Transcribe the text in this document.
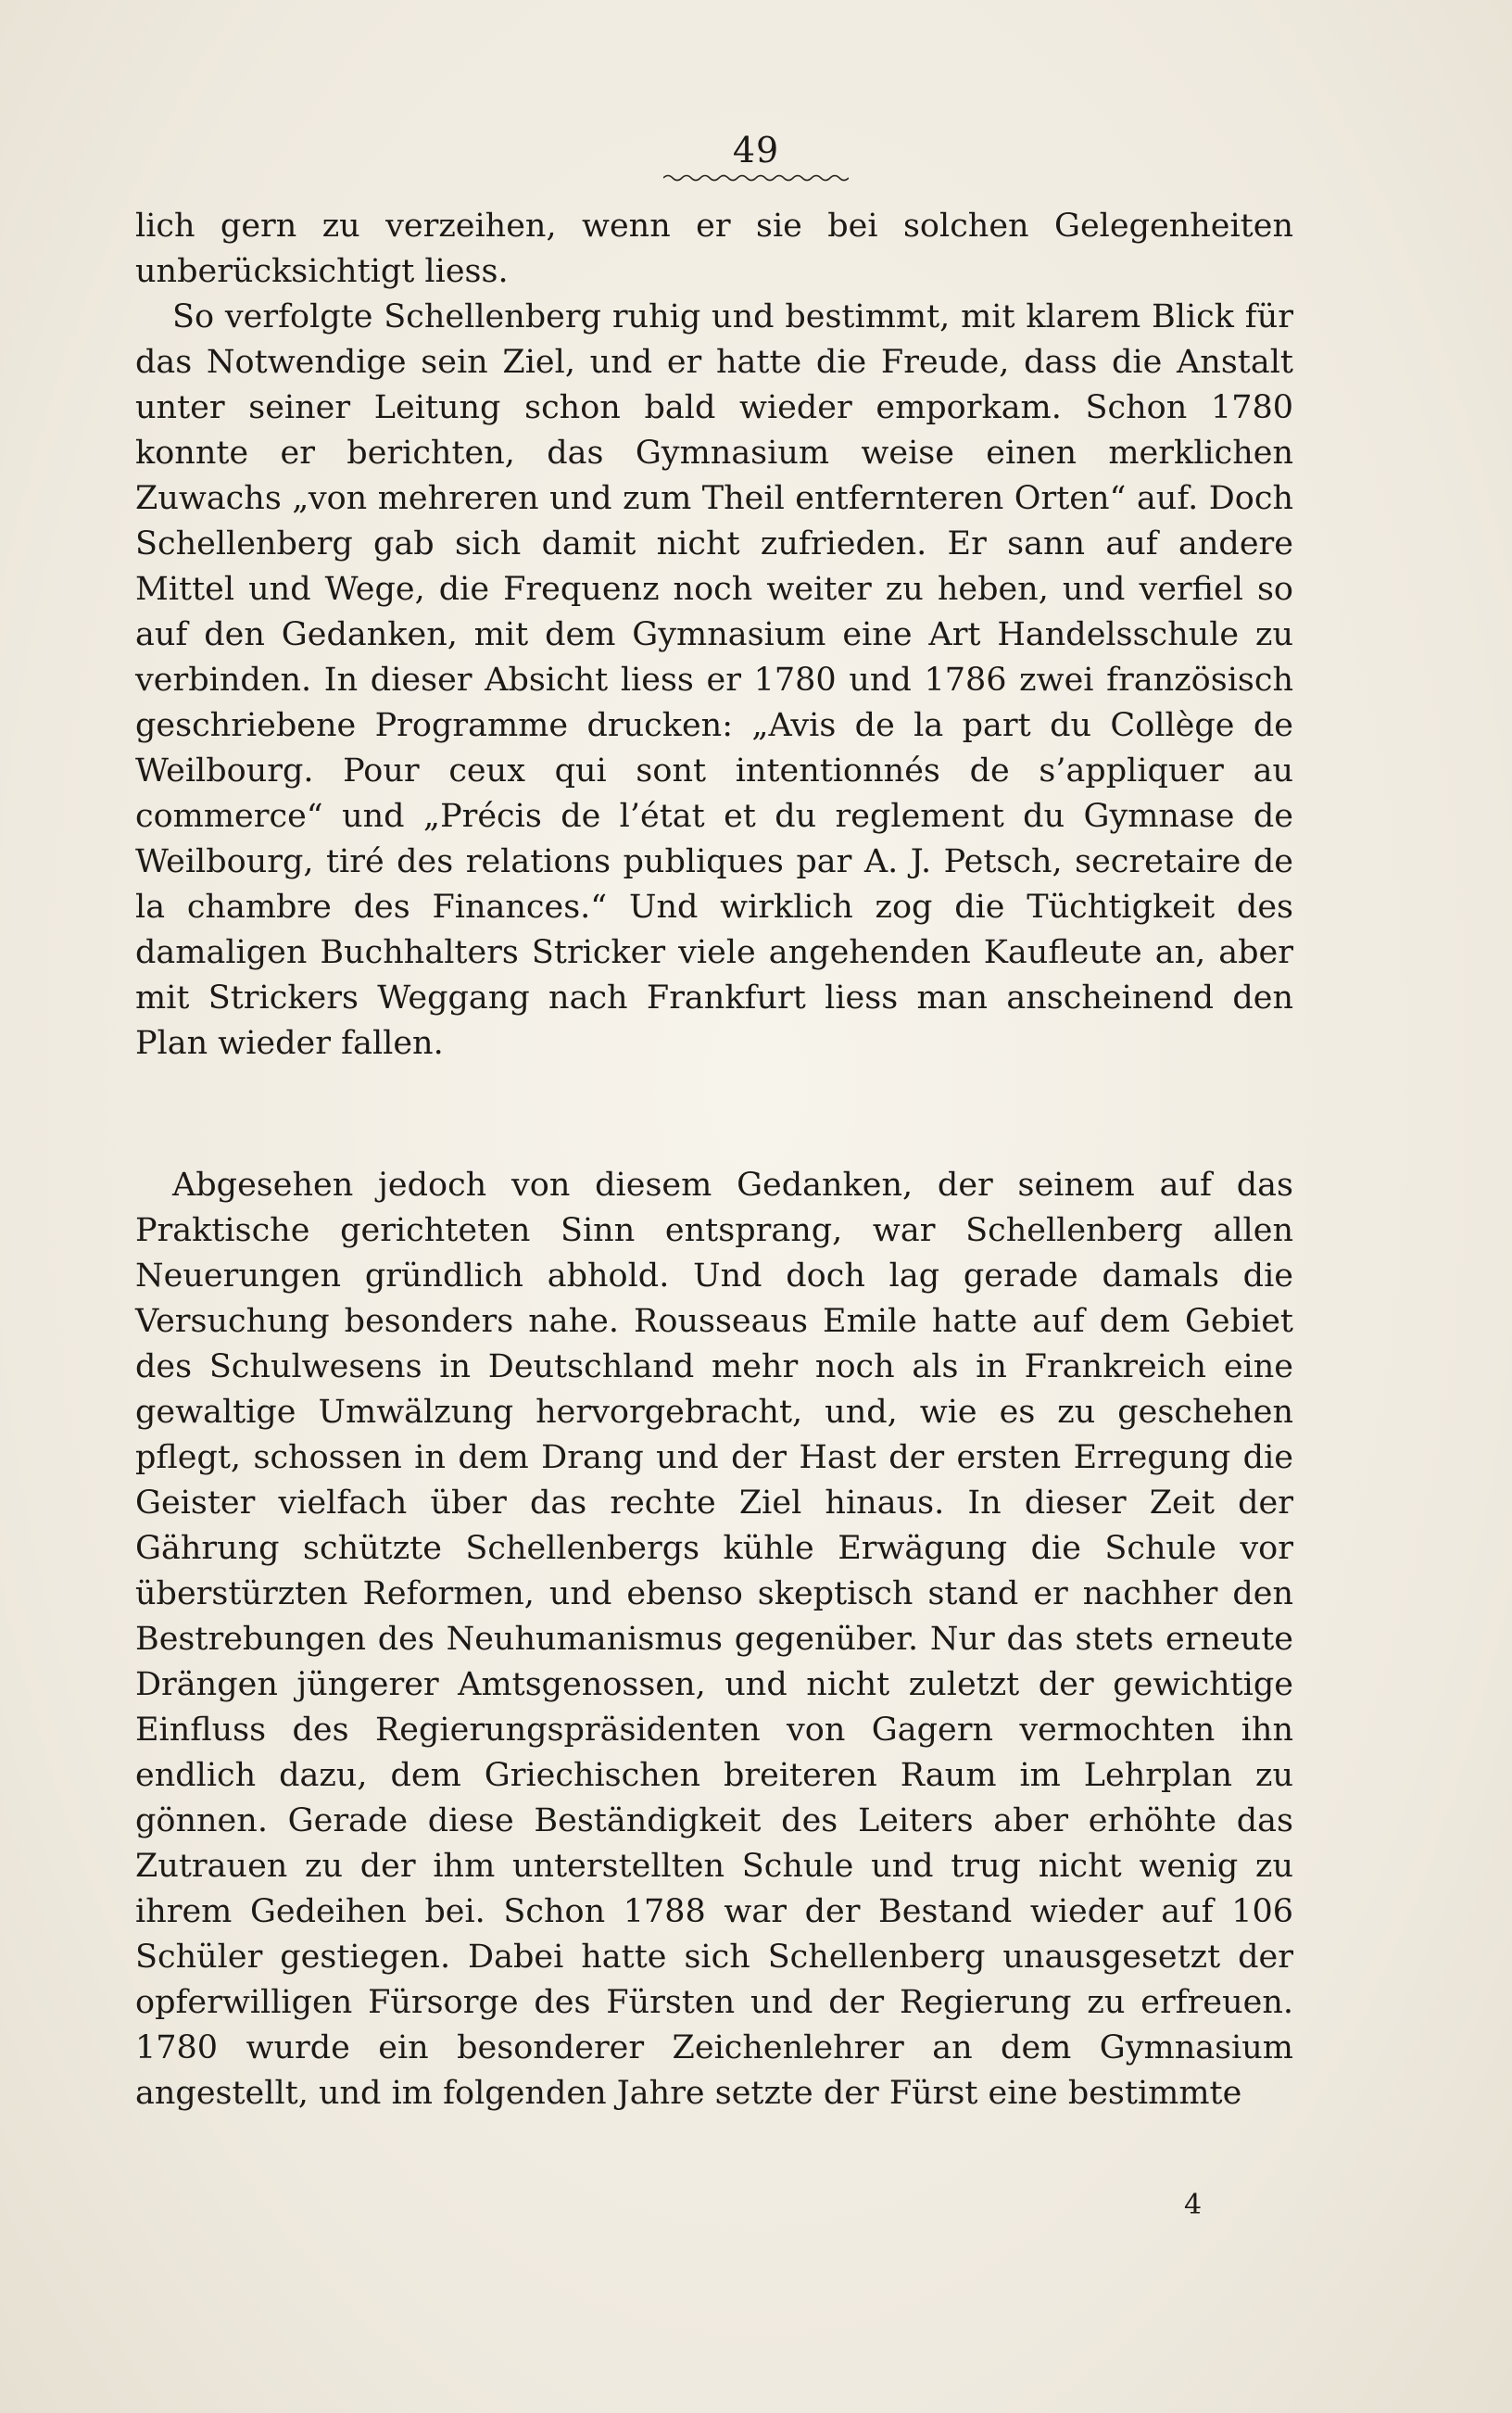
49

lich gern zu verzeihen, wenn er sie bei solchen Gelegenheiten unberücksichtigt liess.

So verfolgte Schellenberg ruhig und bestimmt, mit klarem Blick für das Notwendige sein Ziel, und er hatte die Freude, dass die Anstalt unter seiner Leitung schon bald wieder emporkam. Schon 1780 konnte er berichten, das Gymnasium weise einen merklichen Zuwachs „von mehreren und zum Theil entfernteren Orten“ auf. Doch Schellenberg gab sich damit nicht zufrieden. Er sann auf andere Mittel und Wege, die Frequenz noch weiter zu heben, und verfiel so auf den Gedanken, mit dem Gymnasium eine Art Handelsschule zu verbinden. In dieser Absicht liess er 1780 und 1786 zwei französisch geschriebene Programme drucken: „Avis de la part du Collège de Weilbourg. Pour ceux qui sont intentionnés de s’appliquer au commerce“ und „Précis de l’état et du reglement du Gymnase de Weilbourg, tiré des relations publiques par A. J. Petsch, secretaire de la chambre des Finances.“ Und wirklich zog die Tüchtigkeit des damaligen Buchhalters Stricker viele angehenden Kaufleute an, aber mit Strickers Weggang nach Frankfurt liess man anscheinend den Plan wieder fallen.

Abgesehen jedoch von diesem Gedanken, der seinem auf das Praktische gerichteten Sinn entsprang, war Schellenberg allen Neuerungen gründlich abhold. Und doch lag gerade damals die Versuchung besonders nahe. Rousseaus Emile hatte auf dem Gebiet des Schulwesens in Deutschland mehr noch als in Frankreich eine gewaltige Umwälzung hervorgebracht, und, wie es zu geschehen pflegt, schossen in dem Drang und der Hast der ersten Erregung die Geister vielfach über das rechte Ziel hinaus. In dieser Zeit der Gährung schützte Schellenbergs kühle Erwägung die Schule vor überstürzten Reformen, und ebenso skeptisch stand er nachher den Bestrebungen des Neuhumanismus gegenüber. Nur das stets erneute Drängen jüngerer Amtsgenossen, und nicht zuletzt der gewichtige Einfluss des Regierungspräsidenten von Gagern vermochten ihn endlich dazu, dem Griechischen breiteren Raum im Lehrplan zu gönnen. Gerade diese Beständigkeit des Leiters aber erhöhte das Zutrauen zu der ihm unterstellten Schule und trug nicht wenig zu ihrem Gedeihen bei. Schon 1788 war der Bestand wieder auf 106 Schüler gestiegen. Dabei hatte sich Schellenberg unausgesetzt der opferwilligen Fürsorge des Fürsten und der Regierung zu erfreuen. 1780 wurde ein besonderer Zeichenlehrer an dem Gymnasium angestellt, und im folgenden Jahre setzte der Fürst eine bestimmte

4
